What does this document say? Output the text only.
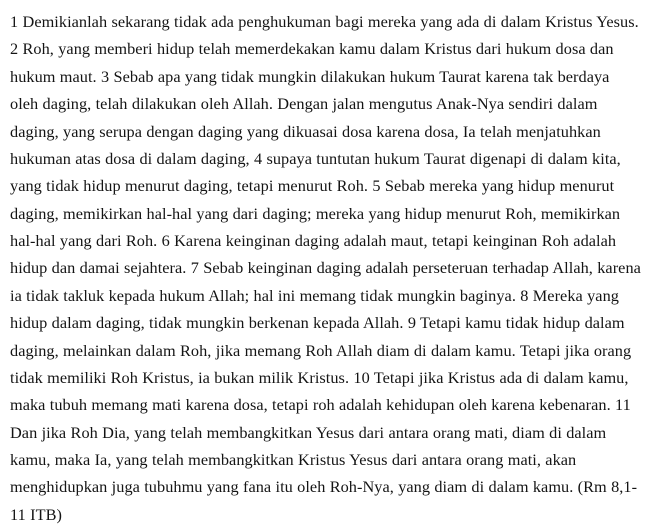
1 Demikianlah sekarang tidak ada penghukuman bagi mereka yang ada di dalam Kristus Yesus. 2 Roh, yang memberi hidup telah memerdekakan kamu dalam Kristus dari hukum dosa dan hukum maut. 3 Sebab apa yang tidak mungkin dilakukan hukum Taurat karena tak berdaya oleh daging, telah dilakukan oleh Allah. Dengan jalan mengutus Anak-Nya sendiri dalam daging, yang serupa dengan daging yang dikuasai dosa karena dosa, Ia telah menjatuhkan hukuman atas dosa di dalam daging, 4 supaya tuntutan hukum Taurat digenapi di dalam kita, yang tidak hidup menurut daging, tetapi menurut Roh. 5 Sebab mereka yang hidup menurut daging, memikirkan hal-hal yang dari daging; mereka yang hidup menurut Roh, memikirkan hal-hal yang dari Roh. 6 Karena keinginan daging adalah maut, tetapi keinginan Roh adalah hidup dan damai sejahtera. 7 Sebab keinginan daging adalah perseteruan terhadap Allah, karena ia tidak takluk kepada hukum Allah; hal ini memang tidak mungkin baginya. 8 Mereka yang hidup dalam daging, tidak mungkin berkenan kepada Allah. 9 Tetapi kamu tidak hidup dalam daging, melainkan dalam Roh, jika memang Roh Allah diam di dalam kamu. Tetapi jika orang tidak memiliki Roh Kristus, ia bukan milik Kristus. 10 Tetapi jika Kristus ada di dalam kamu, maka tubuh memang mati karena dosa, tetapi roh adalah kehidupan oleh karena kebenaran. 11 Dan jika Roh Dia, yang telah membangkitkan Yesus dari antara orang mati, diam di dalam kamu, maka Ia, yang telah membangkitkan Kristus Yesus dari antara orang mati, akan menghidupkan juga tubuhmu yang fana itu oleh Roh-Nya, yang diam di dalam kamu. (Rm 8,1-11 ITB)
